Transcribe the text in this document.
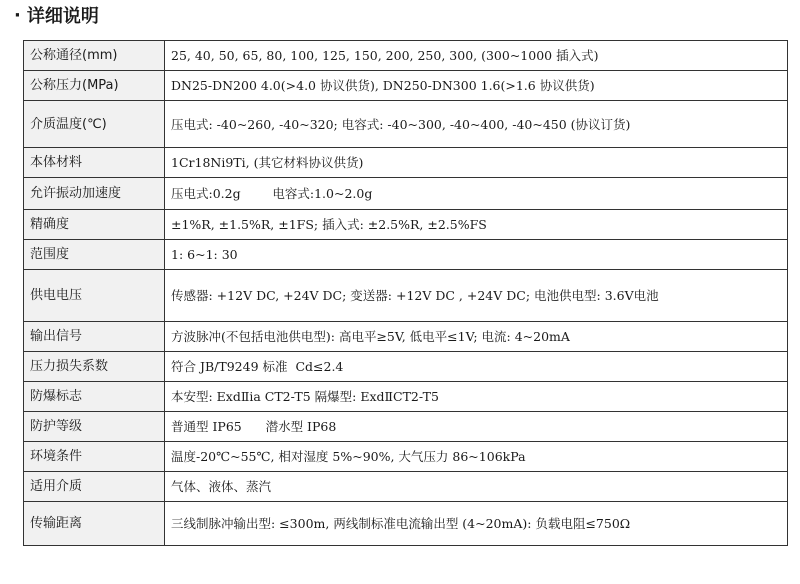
· 详细说明
公称通径(mm)	25, 40, 50, 65, 80, 100, 125, 150, 200, 250, 300, (300~1000 插入式)
公称压力(MPa)	DN25-DN200 4.0(>4.0 协议供货), DN250-DN300 1.6(>1.6 协议供货)
介质温度(℃)	压电式: -40~260, -40~320; 电容式: -40~300, -40~400, -40~450 (协议订货)
本体材料	1Cr18Ni9Ti, (其它材料协议供货)
允许振动加速度	压电式:0.2g        电容式:1.0~2.0g
精确度	±1%R, ±1.5%R, ±1FS; 插入式: ±2.5%R, ±2.5%FS
范围度	1: 6~1: 30
供电电压	传感器: +12V DC, +24V DC; 变送器: +12V DC , +24V DC; 电池供电型: 3.6V电池
输出信号	方波脉冲(不包括电池供电型): 高电平≥5V, 低电平≤1V; 电流: 4~20mA
压力损失系数	符合 JB/T9249 标准  Cd≤2.4
防爆标志	本安型: ExdⅡia CT2-T5 隔爆型: ExdⅡCT2-T5
防护等级	普通型 IP65      潜水型 IP68
环境条件	温度-20℃~55℃, 相对湿度 5%~90%, 大气压力 86~106kPa
适用介质	气体、液体、蒸汽
传输距离	三线制脉冲输出型: ≤300m, 两线制标准电流输出型 (4~20mA): 负载电阻≤750Ω
